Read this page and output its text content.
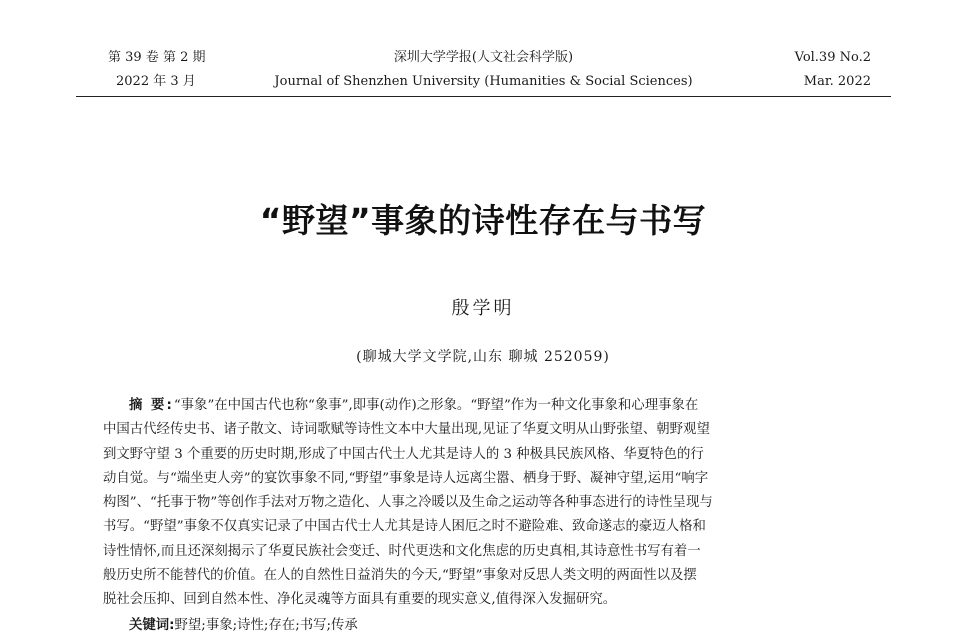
第 39 卷 第 2 期
2022 年 3 月
深圳大学学报(人文社会科学版)
Journal of Shenzhen University (Humanities & Social Sciences)
Vol.39 No.2
Mar. 2022
“野望”事象的诗性存在与书写
殷学明
(聊城大学文学院,山东 聊城 252059)
摘 要:“事象”在中国古代也称“象事”,即事(动作)之形象。“野望”作为一种文化事象和心理事象在
中国古代经传史书、诸子散文、诗词歌赋等诗性文本中大量出现,见证了华夏文明从山野张望、朝野观望
到文野守望 3 个重要的历史时期,形成了中国古代士人尤其是诗人的 3 种极具民族风格、华夏特色的行
动自觉。与“端坐吏人旁”的宴饮事象不同,“野望”事象是诗人远离尘嚣、栖身于野、凝神守望,运用“响字
构图”、“托事于物”等创作手法对万物之造化、人事之冷暖以及生命之运动等各种事态进行的诗性呈现与
书写。“野望”事象不仅真实记录了中国古代士人尤其是诗人困厄之时不避险难、致命遂志的豪迈人格和
诗性情怀,而且还深刻揭示了华夏民族社会变迁、时代更迭和文化焦虑的历史真相,其诗意性书写有着一
般历史所不能替代的价值。在人的自然性日益消失的今天,“野望”事象对反思人类文明的两面性以及摆
脱社会压抑、回到自然本性、净化灵魂等方面具有重要的现实意义,值得深入发掘研究。
关键词:野望;事象;诗性;存在;书写;传承
